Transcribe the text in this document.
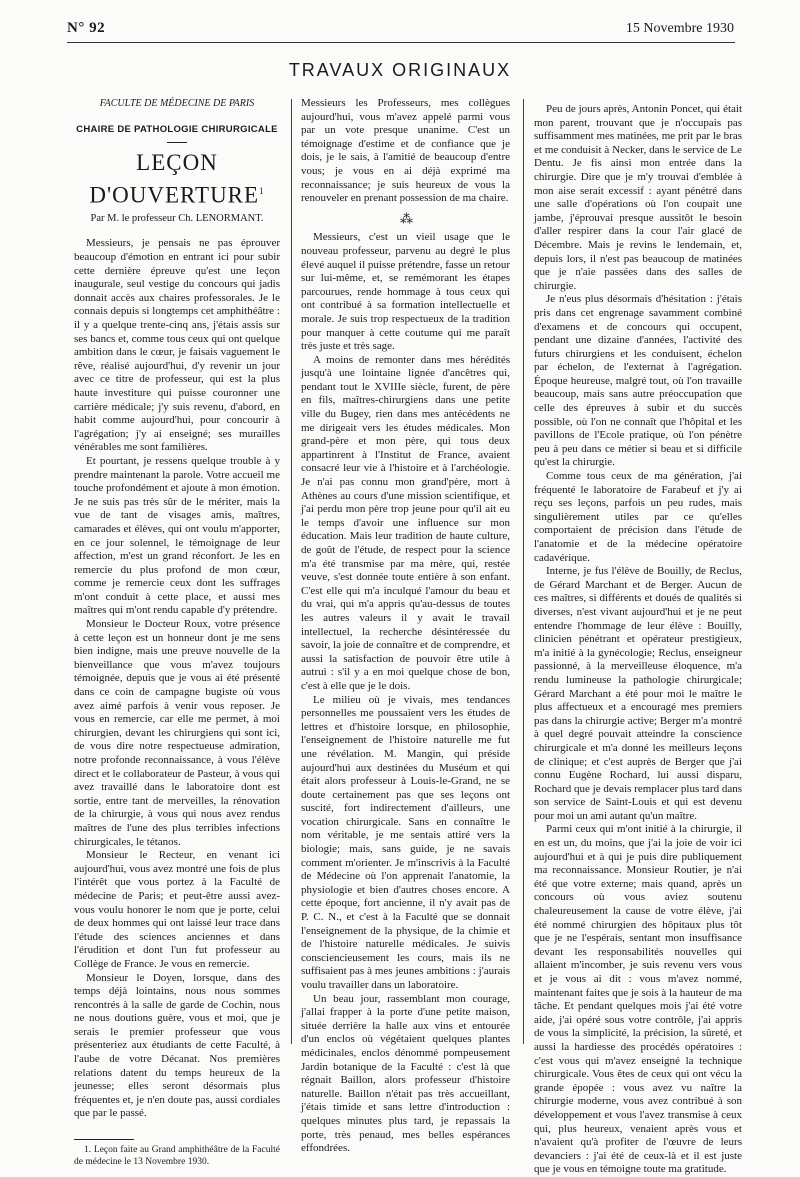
N° 92	15 Novembre 1930
TRAVAUX ORIGINAUX
FACULTE DE MÉDECINE DE PARIS
CHAIRE DE PATHOLOGIE CHIRURGICALE
LEÇON D'OUVERTURE$^1$
Par M. le professeur Ch. LENORMANT.

Messieurs, je pensais ne pas éprouver beaucoup d'émotion en entrant ici pour subir cette dernière épreuve qu'est une leçon inaugurale, seul vestige du concours qui jadis donnait accès aux chaires professorales. Je le connais depuis si longtemps cet amphithéâtre : il y a quelque trente-cinq ans, j'étais assis sur ses bancs et, comme tous ceux qui ont quelque ambition dans le cœur, je faisais vaguement le rêve, réalisé aujourd'hui, d'y revenir un jour avec ce titre de professeur, qui est la plus haute investiture qui puisse couronner une carrière médicale; j'y suis revenu, d'abord, en habit comme aujourd'hui, pour concourir à l'agrégation; j'y ai enseigné; ses murailles vénérables me sont familières.

Et pourtant, je ressens quelque trouble à y prendre maintenant la parole. Votre accueil me touche profondément et ajoute à mon émotion. Je ne suis pas très sûr de le mériter, mais la vue de tant de visages amis, maîtres, camarades et élèves, qui ont voulu m'apporter, en ce jour solennel, le témoignage de leur affection, m'est un grand réconfort. Je les en remercie du plus profond de mon cœur, comme je remercie ceux dont les suffrages m'ont conduit à cette place, et aussi mes maîtres qui m'ont rendu capable d'y prétendre.

Monsieur le Docteur Roux, votre présence à cette leçon est un honneur dont je me sens bien indigne, mais une preuve nouvelle de la bienveillance que vous m'avez toujours témoignée, depuis que je vous ai été présenté dans ce coin de campagne bugiste où vous avez aimé parfois à venir vous reposer. Je vous en remercie, car elle me permet, à moi chirurgien, devant les chirurgiens qui sont ici, de vous dire notre respectueuse admiration, notre profonde reconnaissance, à vous l'élève direct et le collaborateur de Pasteur, à vous qui avez travaillé dans le laboratoire dont est sortie, entre tant de merveilles, la rénovation de la chirurgie, à vous qui nous avez rendus maîtres de l'une des plus terribles infections chirurgicales, le tétanos.

Monsieur le Recteur, en venant ici aujourd'hui, vous avez montré une fois de plus l'intérêt que vous portez à la Faculté de médecine de Paris; et peut-être aussi avez-vous voulu honorer le nom que je porte, celui de deux hommes qui ont laissé leur trace dans l'étude des sciences anciennes et dans l'érudition et dont l'un fut professeur au Collège de France. Je vous en remercie.

Monsieur le Doyen, lorsque, dans des temps déjà lointains, nous nous sommes rencontrés à la salle de garde de Cochin, nous ne nous doutions guère, vous et moi, que je serais le premier professeur que vous présenteriez aux étudiants de cette Faculté, à l'aube de votre Décanat. Nos premières relations datent du temps heureux de la jeunesse; elles seront désormais plus fréquentes et, je n'en doute pas, aussi cordiales que par le passé.

1. Leçon faite au Grand amphithéâtre de la Faculté de médecine le 13 Novembre 1930.

Messieurs les Professeurs, mes collègues aujourd'hui, vous m'avez appelé parmi vous par un vote presque unanime. C'est un témoignage d'estime et de confiance que je dois, je le sais, à l'amitié de beaucoup d'entre vous; je vous en ai déjà exprimé ma reconnaissance; je suis heureux de vous la renouveler en prenant possession de ma chaire.

⁂

Messieurs, c'est un vieil usage que le nouveau professeur, parvenu au degré le plus élevé auquel il puisse prétendre, fasse un retour sur lui-même, et, se remémorant les étapes parcourues, rende hommage à tous ceux qui ont contribué à sa formation intellectuelle et morale. Je suis trop respectueux de la tradition pour manquer à cette coutume qui me paraît très juste et très sage.

A moins de remonter dans mes hérédités jusqu'à une lointaine lignée d'ancêtres qui, pendant tout le XVIIIe siècle, furent, de père en fils, maîtres-chirurgiens dans une petite ville du Bugey, rien dans mes antécédents ne me dirigeait vers les études médicales. Mon grand-père et mon père, qui tous deux appartinrent à l'Institut de France, avaient consacré leur vie à l'histoire et à l'archéologie. Je n'ai pas connu mon grand'père, mort à Athènes au cours d'une mission scientifique, et j'ai perdu mon père trop jeune pour qu'il ait eu le temps d'avoir une influence sur mon éducation. Mais leur tradition de haute culture, de goût de l'étude, de respect pour la science m'a été transmise par ma mère, qui, restée veuve, s'est donnée toute entière à son enfant. C'est elle qui m'a inculqué l'amour du beau et du vrai, qui m'a appris qu'au-dessus de toutes les autres valeurs il y avait le travail intellectuel, la recherche désintéressée du savoir, la joie de connaître et de comprendre, et aussi la satisfaction de pouvoir être utile à autrui : s'il y a en moi quelque chose de bon, c'est à elle que je le dois.

Le milieu où je vivais, mes tendances personnelles me poussaient vers les études de lettres et d'histoire lorsque, en philosophie, l'enseignement de l'histoire naturelle me fut une révélation. M. Mangin, qui préside aujourd'hui aux destinées du Muséum et qui était alors professeur à Louis-le-Grand, ne se doute certainement pas que ses leçons ont suscité, fort indirectement d'ailleurs, une vocation chirurgicale. Sans en connaître le nom véritable, je me sentais attiré vers la biologie; mais, sans guide, je ne savais comment m'orienter. Je m'inscrivis à la Faculté de Médecine où l'on apprenait l'anatomie, la physiologie et bien d'autres choses encore. A cette époque, fort ancienne, il n'y avait pas de P. C. N., et c'est à la Faculté que se donnait l'enseignement de la physique, de la chimie et de l'histoire naturelle médicales. Je suivis consciencieusement les cours, mais ils ne suffisaient pas à mes jeunes ambitions : j'aurais voulu travailler dans un laboratoire.

Un beau jour, rassemblant mon courage, j'allai frapper à la porte d'une petite maison, située derrière la halle aux vins et entourée d'un enclos où végétaient quelques plantes médicinales, enclos dénommé pompeusement Jardin botanique de la Faculté : c'est là que régnait Baillon, alors professeur d'histoire naturelle. Baillon n'était pas très accueillant, j'étais timide et sans lettre d'introduction : quelques minutes plus tard, je repassais la porte, très penaud, mes belles espérances effondrées.

Peu de jours après, Antonin Poncet, qui était mon parent, trouvant que je n'occupais pas suffisamment mes matinées, me prit par le bras et me conduisit à Necker, dans le service de Le Dentu. Je fis ainsi mon entrée dans la chirurgie. Dire que je m'y trouvai d'emblée à mon aise serait excessif : ayant pénétré dans une salle d'opérations où l'on coupait une jambe, j'éprouvai presque aussitôt le besoin d'aller respirer dans la cour l'air glacé de Décembre. Mais je revins le lendemain, et, depuis lors, il n'est pas beaucoup de matinées que je n'aie passées dans des salles de chirurgie.

Je n'eus plus désormais d'hésitation : j'étais pris dans cet engrenage savamment combiné d'examens et de concours qui occupent, pendant une dizaine d'années, l'activité des futurs chirurgiens et les conduisent, échelon par échelon, de l'externat à l'agrégation. Époque heureuse, malgré tout, où l'on travaille beaucoup, mais sans autre préoccupation que celle des épreuves à subir et du succès possible, où l'on ne connaît que l'hôpital et les pavillons de l'Ecole pratique, où l'on pénètre peu à peu dans ce métier si beau et si difficile qu'est la chirurgie.

Comme tous ceux de ma génération, j'ai fréquenté le laboratoire de Farabeuf et j'y ai reçu ses leçons, parfois un peu rudes, mais singulièrement utiles par ce qu'elles comportaient de précision dans l'étude de l'anatomie et de la médecine opératoire cadavérique.

Interne, je fus l'élève de Bouilly, de Reclus, de Gérard Marchant et de Berger. Aucun de ces maîtres, si différents et doués de qualités si diverses, n'est vivant aujourd'hui et je ne peut entendre l'hommage de leur élève : Bouilly, clinicien pénétrant et opérateur prestigieux, m'a initié à la gynécologie; Reclus, enseigneur passionné, à la merveilleuse éloquence, m'a rendu lumineuse la pathologie chirurgicale; Gérard Marchant a été pour moi le maître le plus affectueux et a encouragé mes premiers pas dans la chirurgie active; Berger m'a montré à quel degré pouvait atteindre la conscience chirurgicale et m'a donné les meilleurs leçons de clinique; et c'est auprès de Berger que j'ai connu Eugène Rochard, lui aussi disparu, Rochard que je devais remplacer plus tard dans son service de Saint-Louis et qui est devenu pour moi un ami autant qu'un maître.

Parmi ceux qui m'ont initié à la chirurgie, il en est un, du moins, que j'ai la joie de voir ici aujourd'hui et à qui je puis dire publiquement ma reconnaissance. Monsieur Routier, je n'ai été que votre externe; mais quand, après un concours où vous aviez soutenu chaleureusement la cause de votre élève, j'ai été nommé chirurgien des hôpitaux plus tôt que je ne l'espérais, sentant mon insuffisance devant les responsabilités nouvelles qui allaient m'incomber, je suis revenu vers vous et je vous ai dit : vous m'avez nommé, maintenant faites que je sois à la hauteur de ma tâche. Et pendant quelques mois j'ai été votre aide, j'ai opéré sous votre contrôle, j'ai appris de vous la simplicité, la précision, la sûreté, et aussi la hardiesse des procédés opératoires : c'est vous qui m'avez enseigné la technique chirurgicale. Vous êtes de ceux qui ont vécu la grande épopée : vous avez vu naître la chirurgie moderne, vous avez contribué à son développement et vous l'avez transmise à ceux qui, plus heureux, venaient après vous et n'avaient qu'à profiter de l'œuvre de leurs devanciers : j'ai été de ceux-là et il est juste que je vous en témoigne toute ma gratitude.
